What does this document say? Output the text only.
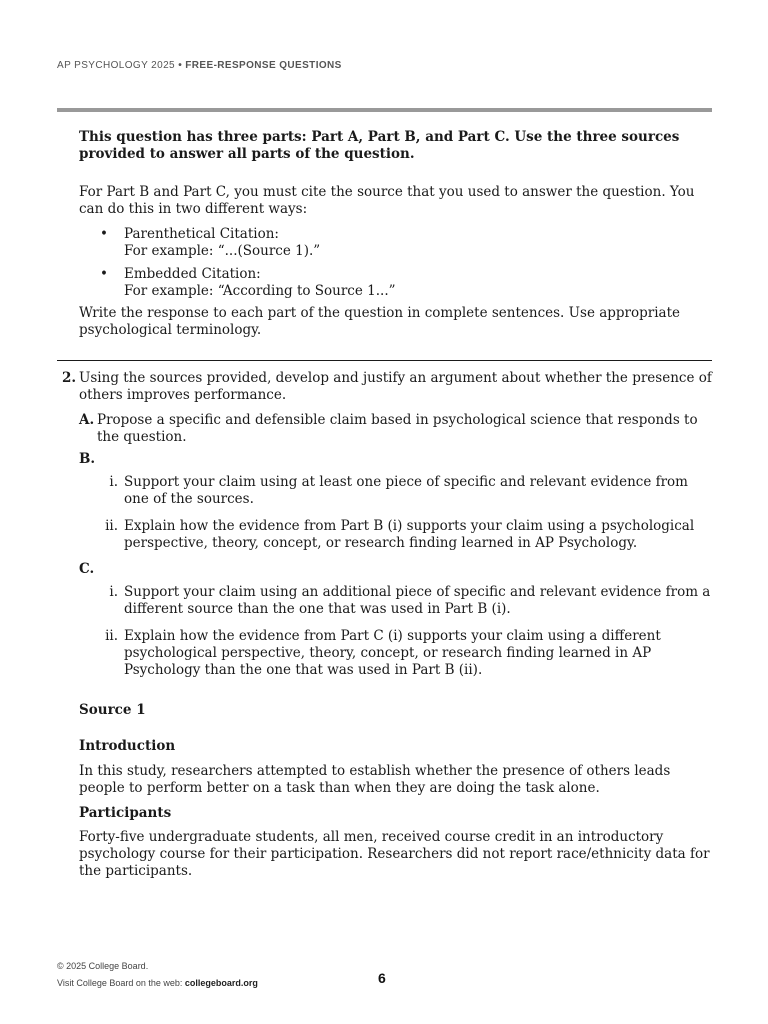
AP PSYCHOLOGY 2025 • FREE-RESPONSE QUESTIONS

This question has three parts: Part A, Part B, and Part C. Use the three sources provided to answer all parts of the question.

For Part B and Part C, you must cite the source that you used to answer the question. You can do this in two different ways:

•	Parenthetical Citation:
For example: “...(Source 1).”
•	Embedded Citation:
For example: “According to Source 1...”

Write the response to each part of the question in complete sentences. Use appropriate psychological terminology.

2. Using the sources provided, develop and justify an argument about whether the presence of others improves performance.
A. Propose a specific and defensible claim based in psychological science that responds to the question.
B.
i. Support your claim using at least one piece of specific and relevant evidence from one of the sources.
ii. Explain how the evidence from Part B (i) supports your claim using a psychological perspective, theory, concept, or research finding learned in AP Psychology.
C.
i. Support your claim using an additional piece of specific and relevant evidence from a different source than the one that was used in Part B (i).
ii. Explain how the evidence from Part C (i) supports your claim using a different psychological perspective, theory, concept, or research finding learned in AP Psychology than the one that was used in Part B (ii).

Source 1

Introduction

In this study, researchers attempted to establish whether the presence of others leads people to perform better on a task than when they are doing the task alone.

Participants

Forty-five undergraduate students, all men, received course credit in an introductory psychology course for their participation. Researchers did not report race/ethnicity data for the participants.

© 2025 College Board.
Visit College Board on the web: collegeboard.org	6
